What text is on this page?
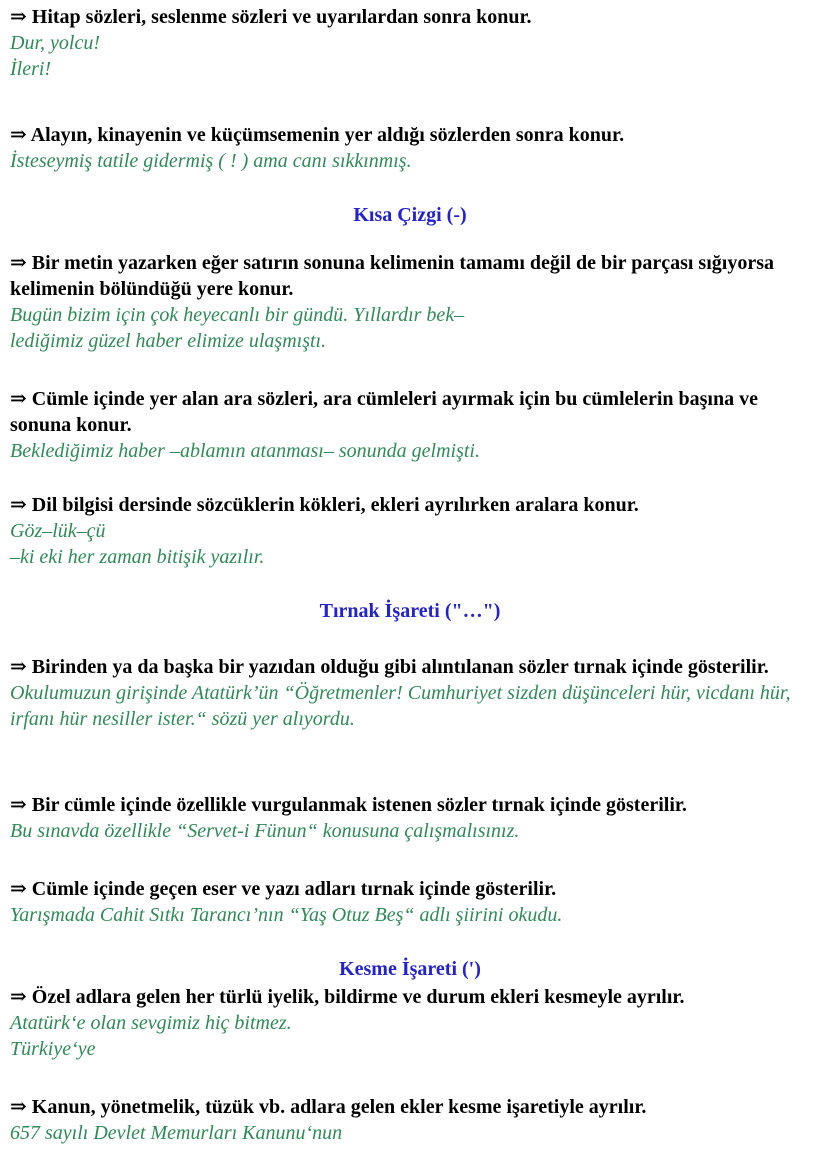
⇒ Hitap sözleri, seslenme sözleri ve uyarılardan sonra konur.

Dur, yolcu!

İleri!

⇒ Alayın, kinayenin ve küçümsemenin yer aldığı sözlerden sonra konur.

İsteseymiş tatile gidermiş ( ! ) ama canı sıkkınmış.

Kısa Çizgi (-)

⇒ Bir metin yazarken eğer satırın sonuna kelimenin tamamı değil de bir parçası sığıyorsa kelimenin bölündüğü yere konur.

Bugün bizim için çok heyecanlı bir gündü. Yıllardır bek–

lediğimiz güzel haber elimize ulaşmıştı.

⇒ Cümle içinde yer alan ara sözleri, ara cümleleri ayırmak için bu cümlelerin başına ve sonuna konur.

Beklediğimiz haber –ablamın atanması– sonunda gelmişti.

⇒ Dil bilgisi dersinde sözcüklerin kökleri, ekleri ayrılırken aralara konur.

Göz–lük–çü

–ki eki her zaman bitişik yazılır.

Tırnak İşareti ("…")

⇒ Birinden ya da başka bir yazıdan olduğu gibi alıntılanan sözler tırnak içinde gösterilir.

Okulumuzun girişinde Atatürk’ün “Öğretmenler! Cumhuriyet sizden düşünceleri hür, vicdanı hür, irfanı hür nesiller ister.“ sözü yer alıyordu.

⇒ Bir cümle içinde özellikle vurgulanmak istenen sözler tırnak içinde gösterilir.

Bu sınavda özellikle “Servet-i Fünun“ konusuna çalışmalısınız.

⇒ Cümle içinde geçen eser ve yazı adları tırnak içinde gösterilir.

Yarışmada Cahit Sıtkı Tarancı’nın “Yaş Otuz Beş“ adlı şiirini okudu.

Kesme İşareti (')

⇒ Özel adlara gelen her türlü iyelik, bildirme ve durum ekleri kesmeyle ayrılır.

Atatürk‘e olan sevgimiz hiç bitmez.

Türkiye‘ye

⇒ Kanun, yönetmelik, tüzük vb. adlara gelen ekler kesme işaretiyle ayrılır.

657 sayılı Devlet Memurları Kanunu‘nun
